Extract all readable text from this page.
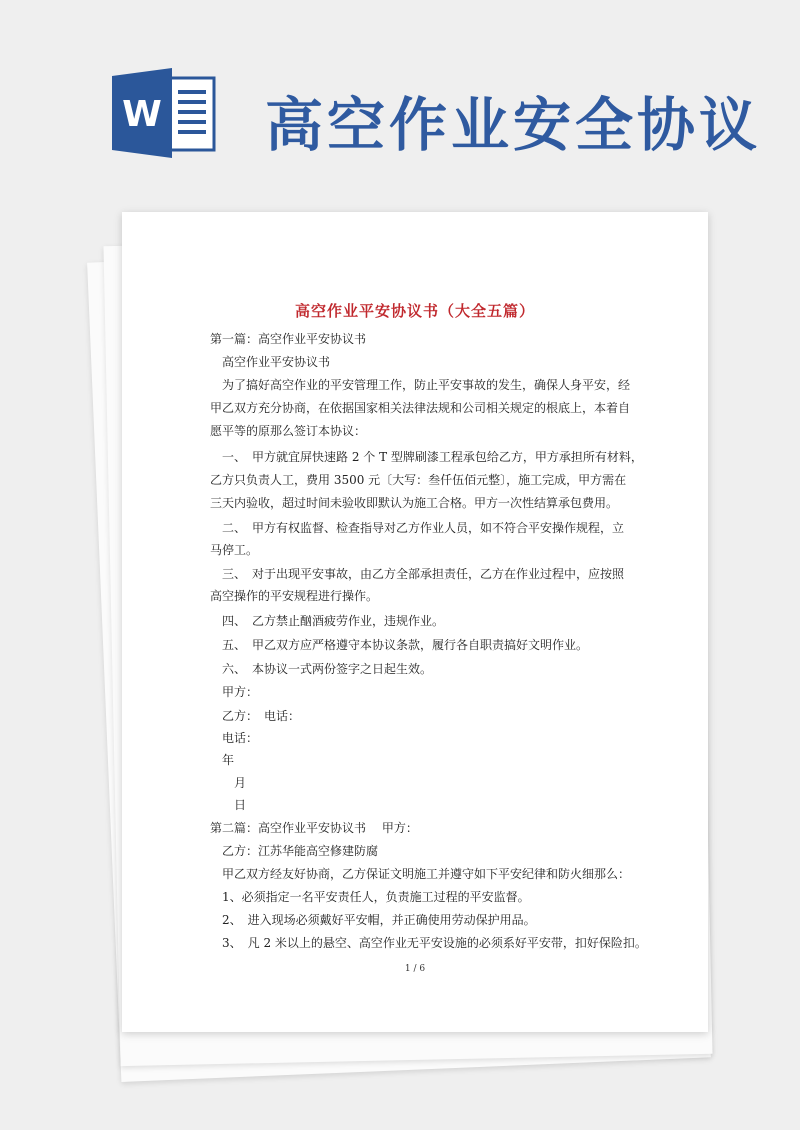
W 高空作业安全协议
高空作业平安协议书（大全五篇）
第一篇：高空作业平安协议书
　高空作业平安协议书
　为了搞好高空作业的平安管理工作，防止平安事故的发生，确保人身平安，经
甲乙双方充分协商，在依据国家相关法律法规和公司相关规定的根底上，本着自
愿平等的原那么签订本协议：
　一、　甲方就宜屏快速路 2 个 T 型牌刷漆工程承包给乙方，甲方承担所有材料，
乙方只负责人工，费用 3500 元〔大写：叁仟伍佰元整〕，施工完成，甲方需在
三天内验收，超过时间未验收即默认为施工合格。甲方一次性结算承包费用。
　二、　甲方有权监督、检查指导对乙方作业人员，如不符合平安操作规程，立
马停工。
　三、　对于出现平安事故，由乙方全部承担责任，乙方在作业过程中，应按照
高空操作的平安规程进行操作。
　四、　乙方禁止酗酒疲劳作业，违规作业。
　五、　甲乙双方应严格遵守本协议条款，履行各自职责搞好文明作业。
　六、　本协议一式两份签字之日起生效。
　甲方：
　乙方：　电话：
　电话：
　年
　　月
　　日
第二篇：高空作业平安协议书　 甲方：
　乙方：江苏华能高空修建防腐
　甲乙双方经友好协商，乙方保证文明施工并遵守如下平安纪律和防火细那么：
　1、必须指定一名平安责任人，负责施工过程的平安监督。
　2、　进入现场必须戴好平安帽，并正确使用劳动保护用品。
　3、　凡 2 米以上的悬空、高空作业无平安设施的必须系好平安带，扣好保险扣。
1 / 6
